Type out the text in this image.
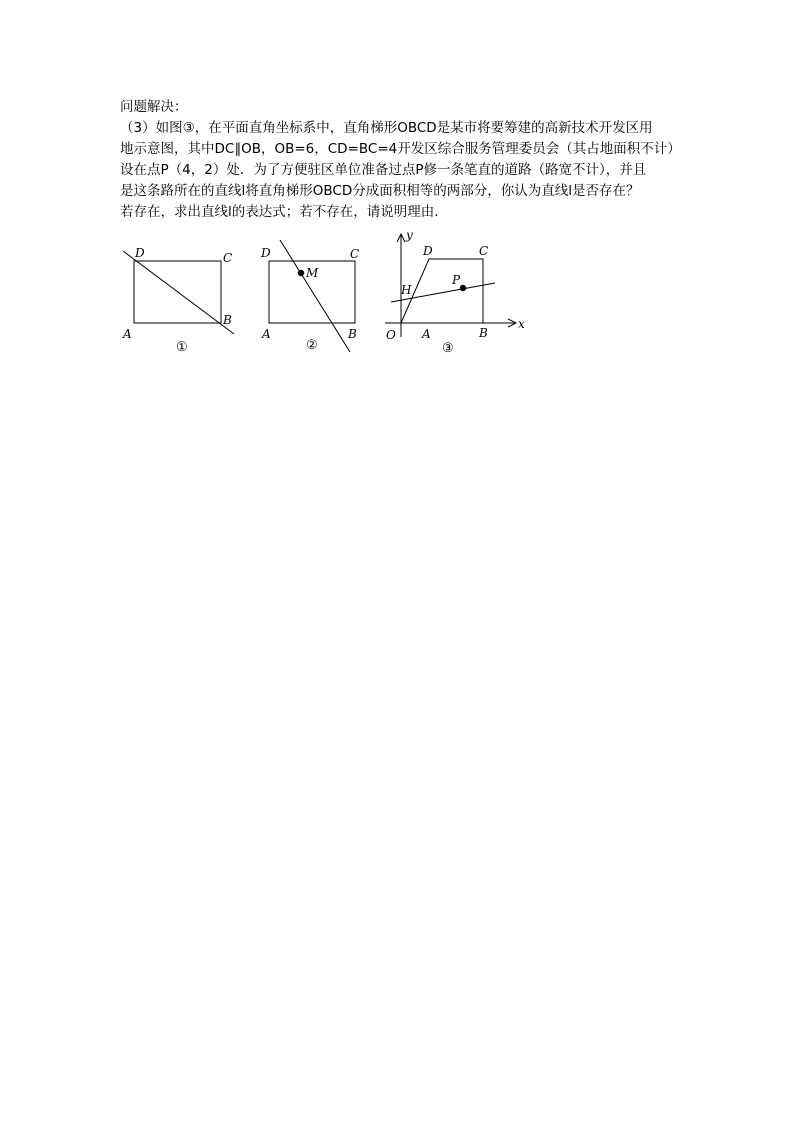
问题解决：
（3）如图③，在平面直角坐标系中，直角梯形OBCD是某市将要筹建的高新技术开发区用
地示意图，其中DC∥OB，OB=6，CD=BC=4开发区综合服务管理委员会（其占地面积不计）
设在点P（4，2）处．为了方便驻区单位准备过点P修一条笔直的道路（路宽不计），并且
是这条路所在的直线l将直角梯形OBCD分成面积相等的两部分，你认为直线l是否存在？
若存在，求出直线l的表达式；若不存在，请说明理由．
D	C
A
B
①
D	C
M
A	B
②
y
D	C
H
P
O A	B
x
③
